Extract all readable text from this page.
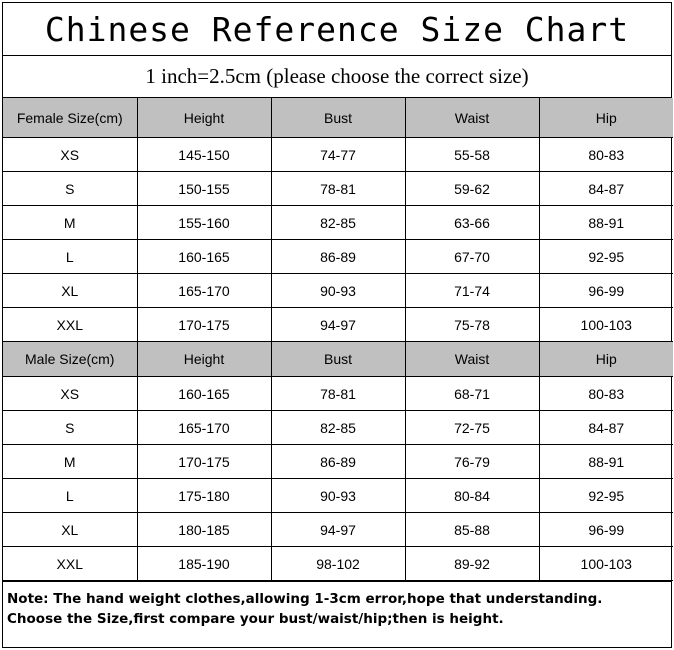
Chinese Reference Size Chart
1 inch=2.5cm (please choose the correct size)
Female Size(cm)	Height	Bust	Waist	Hip
XS	145-150	74-77	55-58	80-83
S	150-155	78-81	59-62	84-87
M	155-160	82-85	63-66	88-91
L	160-165	86-89	67-70	92-95
XL	165-170	90-93	71-74	96-99
XXL	170-175	94-97	75-78	100-103
Male Size(cm)	Height	Bust	Waist	Hip
XS	160-165	78-81	68-71	80-83
S	165-170	82-85	72-75	84-87
M	170-175	86-89	76-79	88-91
L	175-180	90-93	80-84	92-95
XL	180-185	94-97	85-88	96-99
XXL	185-190	98-102	89-92	100-103
Note: The hand weight clothes,allowing 1-3cm error,hope that understanding.
Choose the Size,first compare your bust/waist/hip;then is height.
